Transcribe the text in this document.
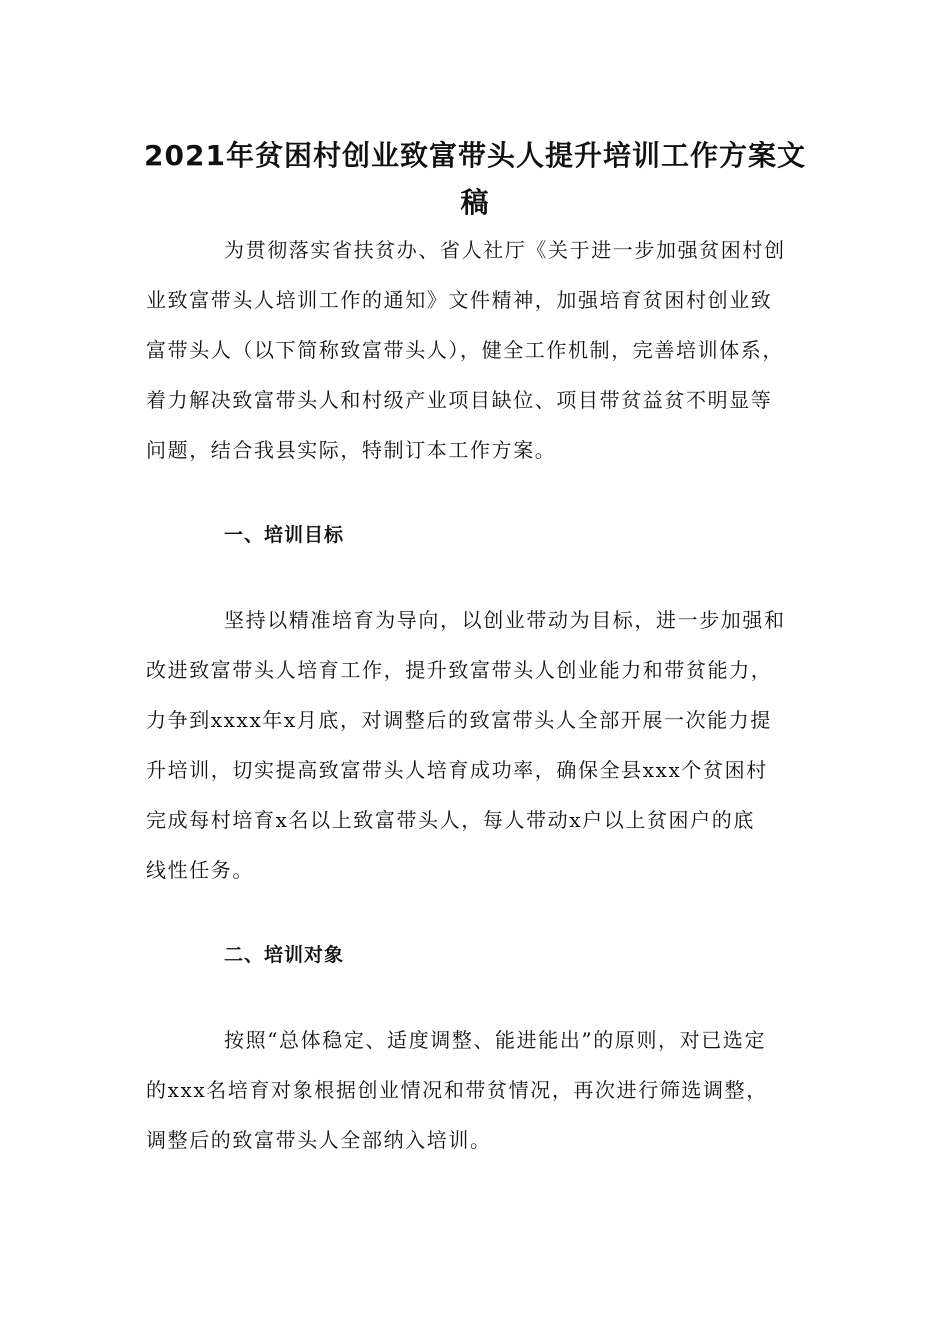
2021年贫困村创业致富带头人提升培训工作方案文
稿
为贯彻落实省扶贫办、省人社厅《关于进一步加强贫困村创
业致富带头人培训工作的通知》文件精神，加强培育贫困村创业致
富带头人（以下简称致富带头人），健全工作机制，完善培训体系，
着力解决致富带头人和村级产业项目缺位、项目带贫益贫不明显等
问题，结合我县实际，特制订本工作方案。
一、培训目标
坚持以精准培育为导向，以创业带动为目标，进一步加强和
改进致富带头人培育工作，提升致富带头人创业能力和带贫能力，
力争到xxxx年x月底，对调整后的致富带头人全部开展一次能力提
升培训，切实提高致富带头人培育成功率，确保全县xxx个贫困村
完成每村培育x名以上致富带头人，每人带动x户以上贫困户的底
线性任务。
二、培训对象
按照“总体稳定、适度调整、能进能出”的原则，对已选定
的xxx名培育对象根据创业情况和带贫情况，再次进行筛选调整，
调整后的致富带头人全部纳入培训。
